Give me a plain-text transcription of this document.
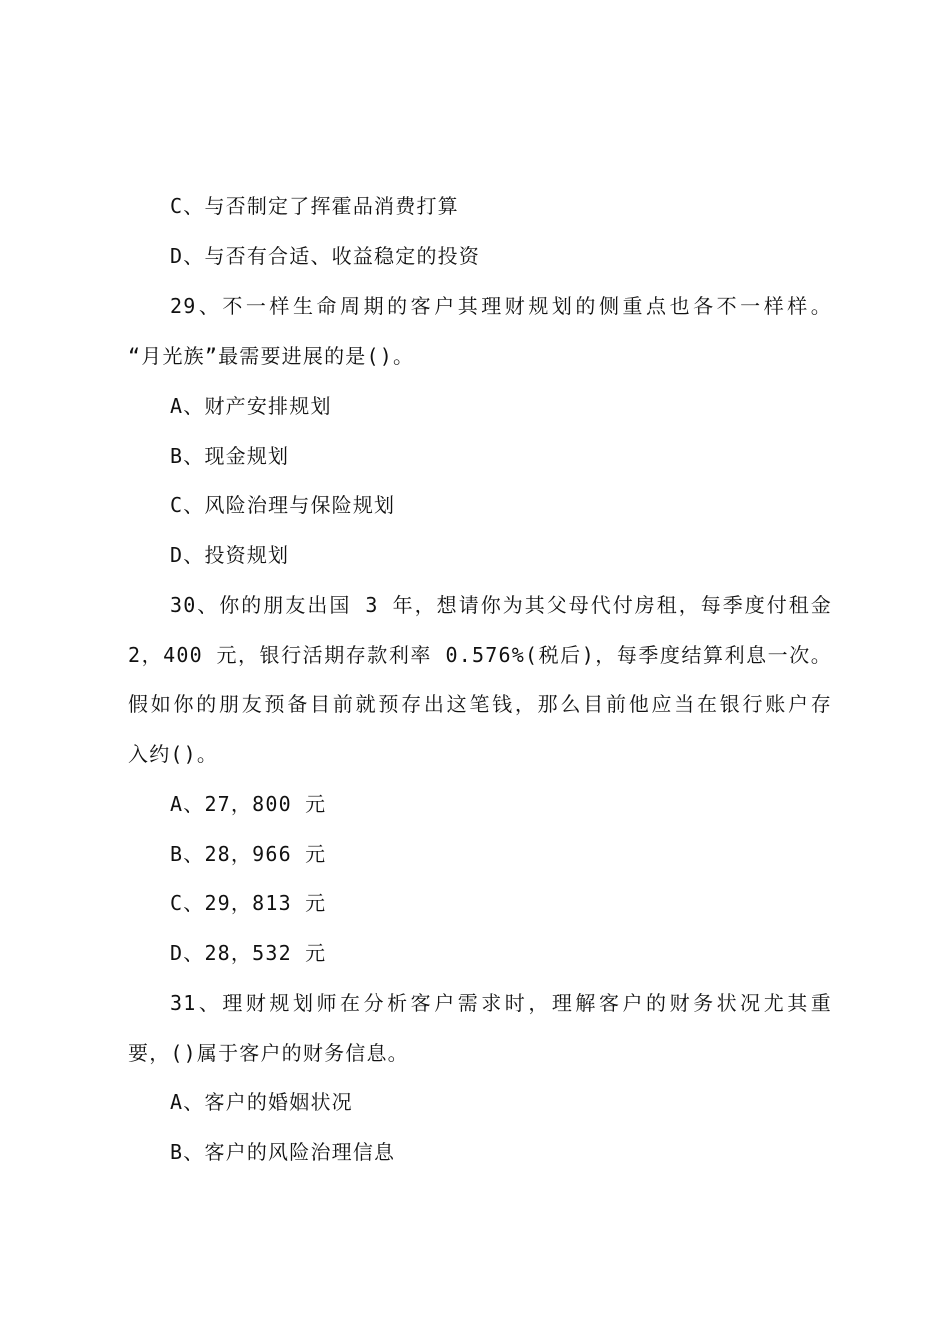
C、与否制定了挥霍品消费打算
D、与否有合适、收益稳定的投资
29、不一样生命周期的客户其理财规划的侧重点也各不一样样。
“月光族”最需要进展的是()。
A、财产安排规划
B、现金规划
C、风险治理与保险规划
D、投资规划
30、你的朋友出国 3 年，想请你为其父母代付房租，每季度付租金
2，400 元，银行活期存款利率 0.576%(税后)，每季度结算利息一次。
假如你的朋友预备目前就预存出这笔钱，那么目前他应当在银行账户存
入约()。
A、27，800 元
B、28，966 元
C、29，813 元
D、28，532 元
31、理财规划师在分析客户需求时，理解客户的财务状况尤其重
要，()属于客户的财务信息。
A、客户的婚姻状况
B、客户的风险治理信息
